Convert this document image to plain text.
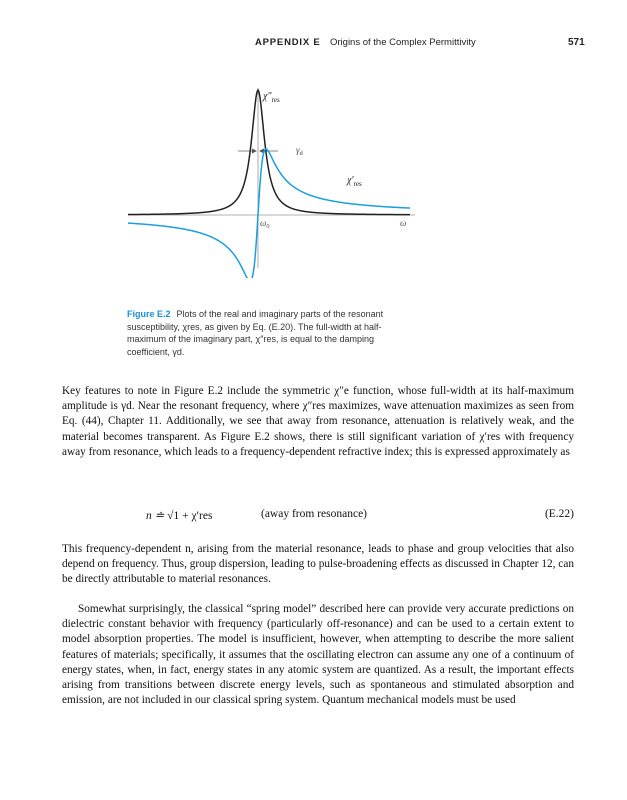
APPENDIX E Origins of the Complex Permittivity	571
$\chi''_{res}$
$\gamma_d$
$\chi'_{res}$
$\omega_0$	ω
Figure E.2 Plots of the real and imaginary parts of the resonant susceptibility, χres, as given by Eq. (E.20). The full-width at half-maximum of the imaginary part, χ″res, is equal to the damping coefficient, γd.
Key features to note in Figure E.2 include the symmetric χ″e function, whose full-width at its half-maximum amplitude is γd. Near the resonant frequency, where χ″res maximizes, wave attenuation maximizes as seen from Eq. (44), Chapter 11. Additionally, we see that away from resonance, attenuation is relatively weak, and the material becomes transparent. As Figure E.2 shows, there is still significant variation of χ′res with frequency away from resonance, which leads to a frequency-dependent refractive index; this is expressed approximately as
n ≐ √1 + χ′res	(away from resonance)	(E.22)
This frequency-dependent n, arising from the material resonance, leads to phase and group velocities that also depend on frequency. Thus, group dispersion, leading to pulse-broadening effects as discussed in Chapter 12, can be directly attributable to material resonances.
Somewhat surprisingly, the classical “spring model” described here can provide very accurate predictions on dielectric constant behavior with frequency (particularly off-resonance) and can be used to a certain extent to model absorption properties. The model is insufficient, however, when attempting to describe the more salient features of materials; specifically, it assumes that the oscillating electron can assume any one of a continuum of energy states, when, in fact, energy states in any atomic system are quantized. As a result, the important effects arising from transitions between discrete energy levels, such as spontaneous and stimulated absorption and emission, are not included in our classical spring system. Quantum mechanical models must be used
